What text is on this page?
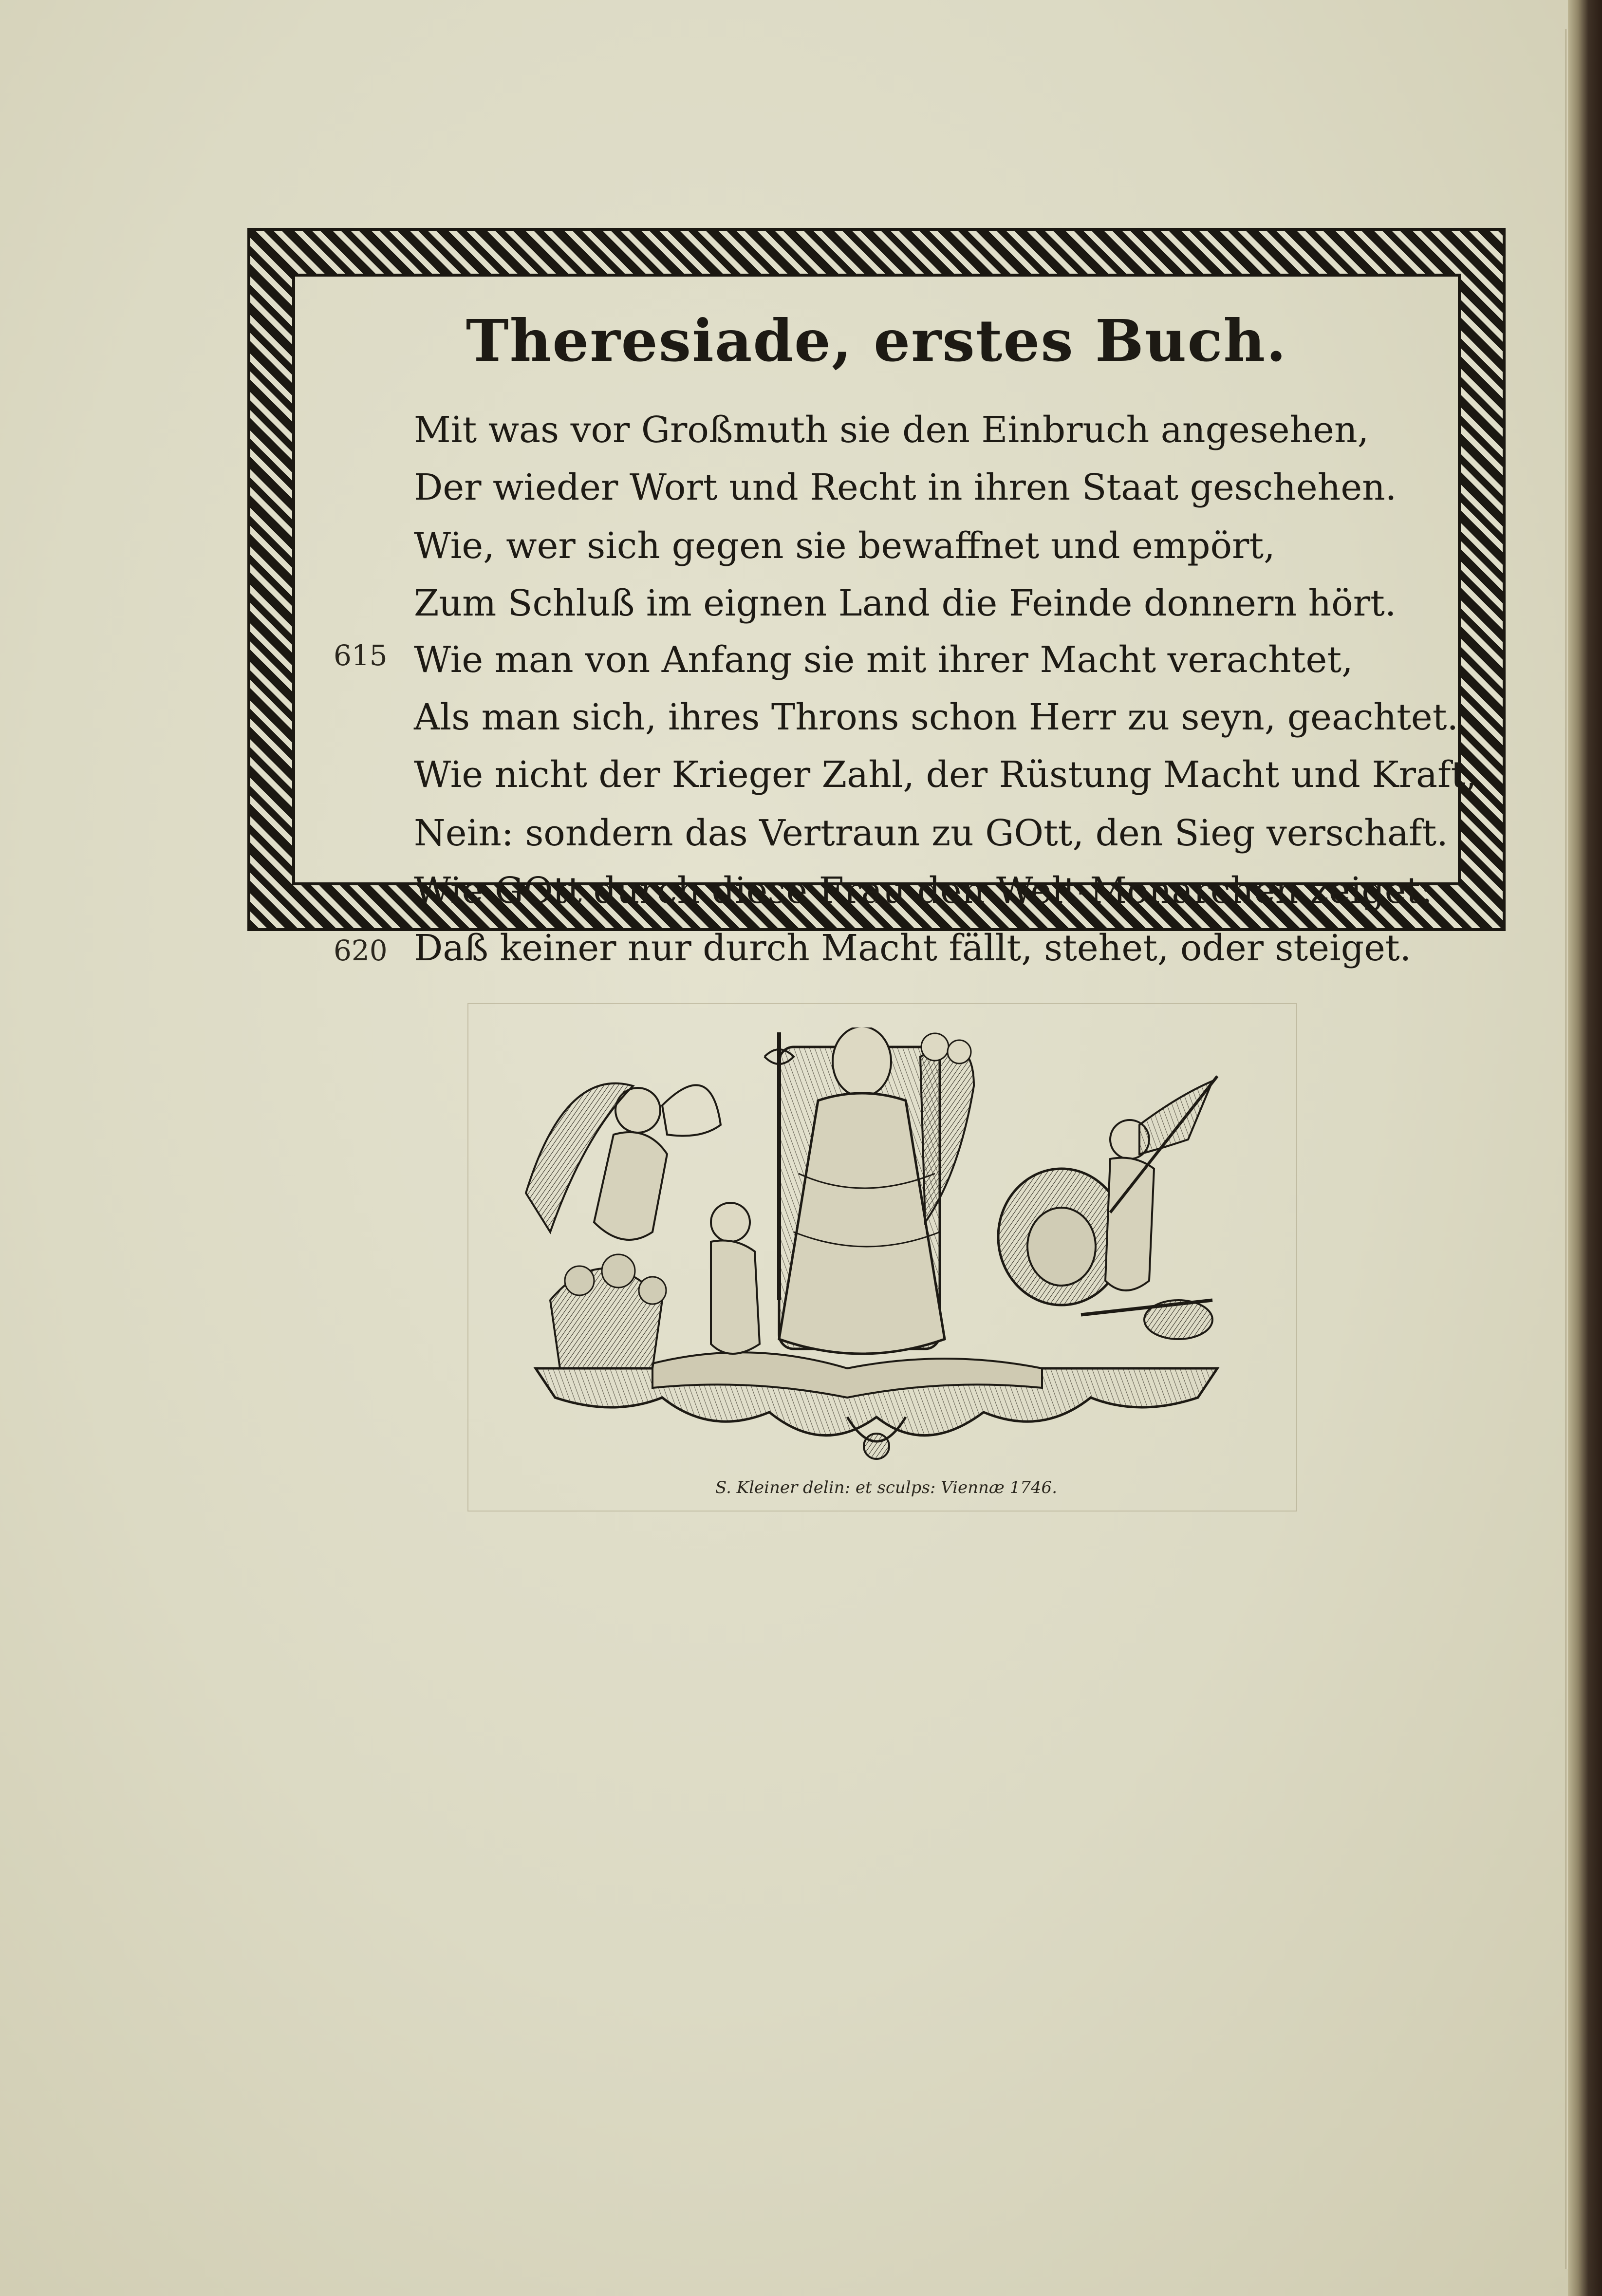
Theresiade, erstes Buch.
615
620
Mit was vor Großmuth sie den Einbruch angesehen,
Der wieder Wort und Recht in ihren Staat geschehen.
Wie, wer sich gegen sie bewaffnet und empört,
Zum Schluß im eignen Land die Feinde donnern hört.
Wie man von Anfang sie mit ihrer Macht verachtet,
Als man sich, ihres Throns schon Herr zu seyn, geachtet.
Wie nicht der Krieger Zahl, der Rüstung Macht und Kraft,
Nein: sondern das Vertraun zu GOtt, den Sieg verschaft.
Wie GOtt durch diese Frau den Welt-Monarchen zeiget:
Daß keiner nur durch Macht fällt, stehet, oder steiget.
S. Kleiner delin: et sculps: Viennæ 1746.
